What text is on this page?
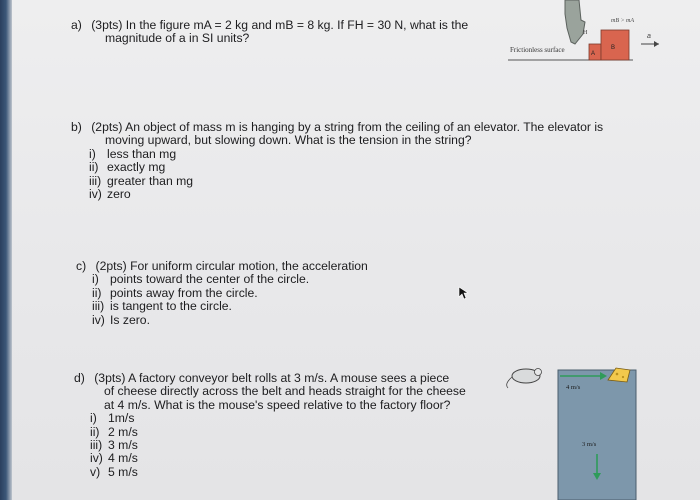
a) (3pts) In the figure mA = 2 kg and mB = 8 kg. If FH = 30 N, what is the
magnitude of a in SI units?	H
Frictionless surface	A
B
mB > mA
a
b) (2pts) An object of mass m is hanging by a string from the ceiling of an elevator. The elevator is
moving upward, but slowing down. What is the tension in the string?
i) less than mg
ii) exactly mg
iii) greater than mg
iv) zero
c) (2pts) For uniform circular motion, the acceleration
i) points toward the center of the circle.
ii) points away from the circle.
iii) is tangent to the circle.
iv) Is zero.
d) (3pts) A factory conveyor belt rolls at 3 m/s. A mouse sees a piece
of cheese directly across the belt and heads straight for the cheese
at 4 m/s. What is the mouse's speed relative to the factory floor?
i) 1m/s
ii) 2 m/s
iii) 3 m/s
iv) 4 m/s
v) 5 m/s
4 m/s
3 m/s
